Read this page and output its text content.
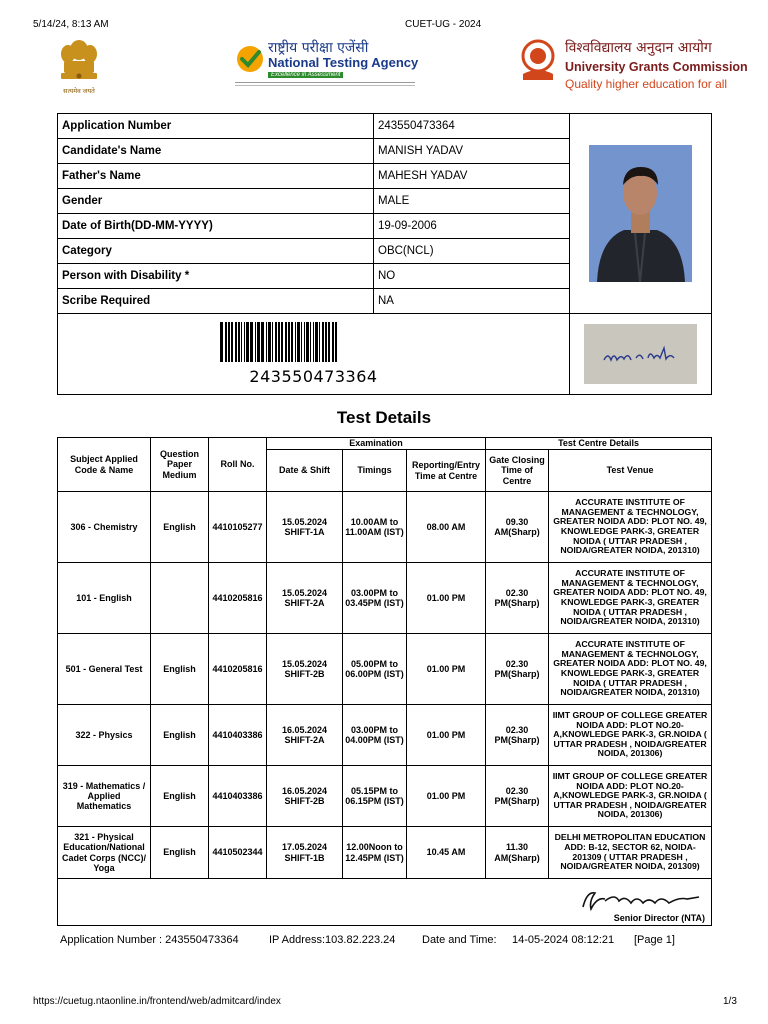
5/14/24, 8:13 AM	CUET-UG - 2024
सत्यमेव जयते
राष्ट्रीय परीक्षा एजेंसी
National Testing Agency
Excellence in Assessment
विश्वविद्यालय अनुदान आयोग
University Grants Commission
Quality higher education for all
Application Number	243550473364	

Candidate's Name	MANISH YADAV	
Father's Name	MAHESH YADAV	
Gender	MALE	
Date of Birth(DD-MM-YYYY)	19-09-2006	
Category	OBC(NCL)	
Person with Disability *	NO	
Scribe Required	NA	

243550473364

Test Details
Subject Applied Code & Name	Question Paper Medium	Roll No.	Examination			Test Centre Details	
			Date & Shift	Timings	Reporting/Entry Time at Centre	Gate Closing Time of Centre	Test Venue
306 - Chemistry	English	4410105277	15.05.2024 SHIFT-1A	10.00AM to 11.00AM (IST)	08.00 AM	09.30 AM(Sharp)	ACCURATE INSTITUTE OF MANAGEMENT & TECHNOLOGY, GREATER NOIDA ADD: PLOT NO. 49, KNOWLEDGE PARK-3, GREATER NOIDA ( UTTAR PRADESH , NOIDA/GREATER NOIDA, 201310)
101 - English		4410205816	15.05.2024 SHIFT-2A	03.00PM to 03.45PM (IST)	01.00 PM	02.30 PM(Sharp)	ACCURATE INSTITUTE OF MANAGEMENT & TECHNOLOGY, GREATER NOIDA ADD: PLOT NO. 49, KNOWLEDGE PARK-3, GREATER NOIDA ( UTTAR PRADESH , NOIDA/GREATER NOIDA, 201310)
501 - General Test	English	4410205816	15.05.2024 SHIFT-2B	05.00PM to 06.00PM (IST)	01.00 PM	02.30 PM(Sharp)	ACCURATE INSTITUTE OF MANAGEMENT & TECHNOLOGY, GREATER NOIDA ADD: PLOT NO. 49, KNOWLEDGE PARK-3, GREATER NOIDA ( UTTAR PRADESH , NOIDA/GREATER NOIDA, 201310)
322 - Physics	English	4410403386	16.05.2024 SHIFT-2A	03.00PM to 04.00PM (IST)	01.00 PM	02.30 PM(Sharp)	IIMT GROUP OF COLLEGE GREATER NOIDA ADD: PLOT NO.20-A,KNOWLEDGE PARK-3, GR.NOIDA ( UTTAR PRADESH , NOIDA/GREATER NOIDA, 201306)
319 - Mathematics / Applied Mathematics	English	4410403386	16.05.2024 SHIFT-2B	05.15PM to 06.15PM (IST)	01.00 PM	02.30 PM(Sharp)	IIMT GROUP OF COLLEGE GREATER NOIDA ADD: PLOT NO.20-A,KNOWLEDGE PARK-3, GR.NOIDA ( UTTAR PRADESH , NOIDA/GREATER NOIDA, 201306)
321 - Physical Education/National Cadet Corps (NCC)/ Yoga	English	4410502344	17.05.2024 SHIFT-1B	12.00Noon to 12.45PM (IST)	10.45 AM	11.30 AM(Sharp)	DELHI METROPOLITAN EDUCATION ADD: B-12, SECTOR 62, NOIDA-201309 ( UTTAR PRADESH , NOIDA/GREATER NOIDA, 201309)

Senior Director (NTA)							
Application Number : 243550473364	IP Address:103.82.223.24 Date and Time: 14-05-2024 08:12:21 [Page 1]
https://cuetug.ntaonline.in/frontend/web/admitcard/index	1/3
